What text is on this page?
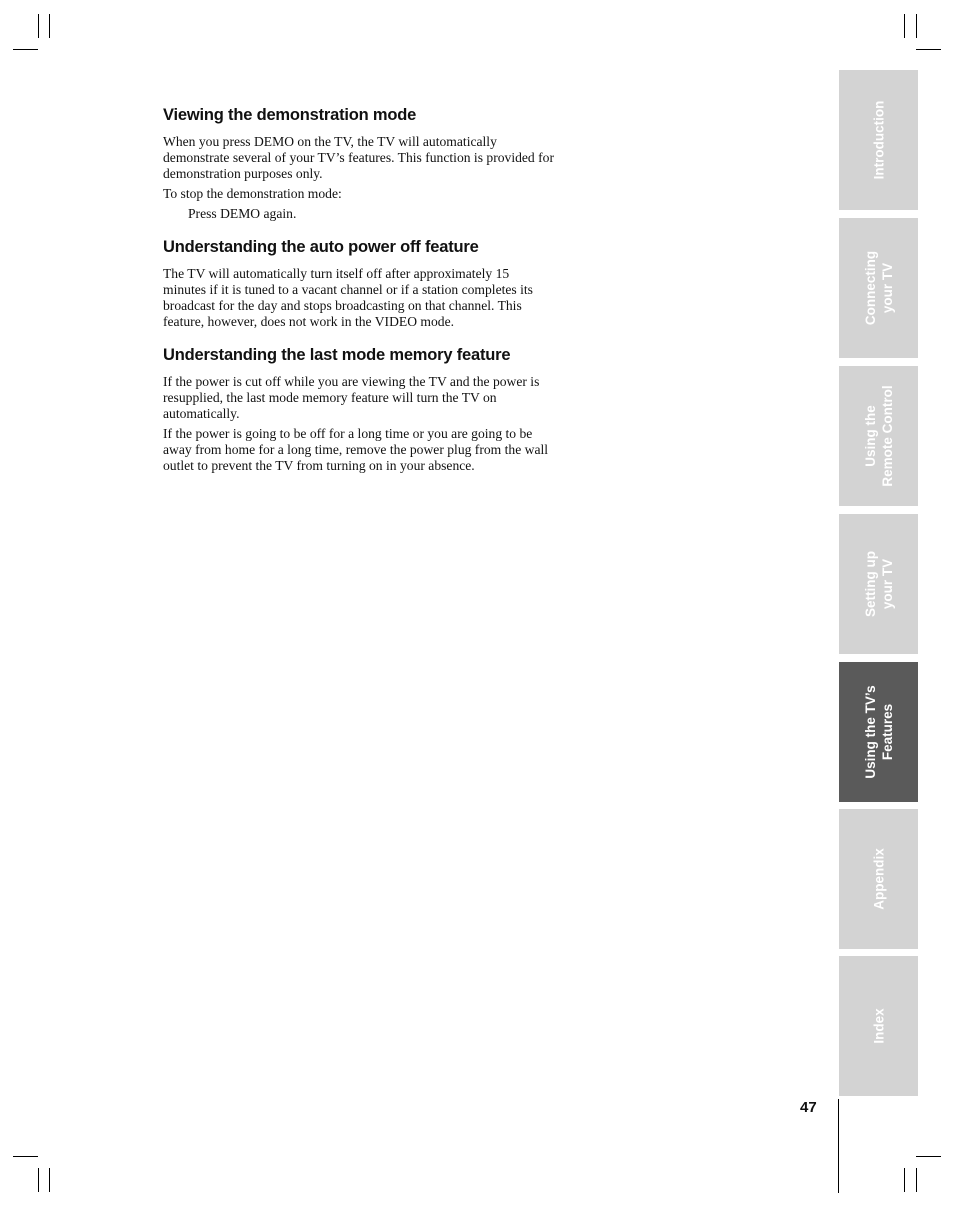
Viewing the demonstration mode

When you press DEMO on the TV, the TV will automatically demonstrate several of your TV’s features. This function is provided for demonstration purposes only.

To stop the demonstration mode:

Press DEMO again.

Understanding the auto power off feature

The TV will automatically turn itself off after approximately 15 minutes if it is tuned to a vacant channel or if a station completes its broadcast for the day and stops broadcasting on that channel. This feature, however, does not work in the VIDEO mode.

Understanding the last mode memory feature

If the power is cut off while you are viewing the TV and the power is resupplied, the last mode memory feature will turn the TV on automatically.

If the power is going to be off for a long time or you are going to be away from home for a long time, remove the power plug from the wall outlet to prevent the TV from turning on in your absence.

Introduction
Connecting your TV
Using the Remote Control
Setting up your TV
Using the TV’s Features
Appendix
Index
47
